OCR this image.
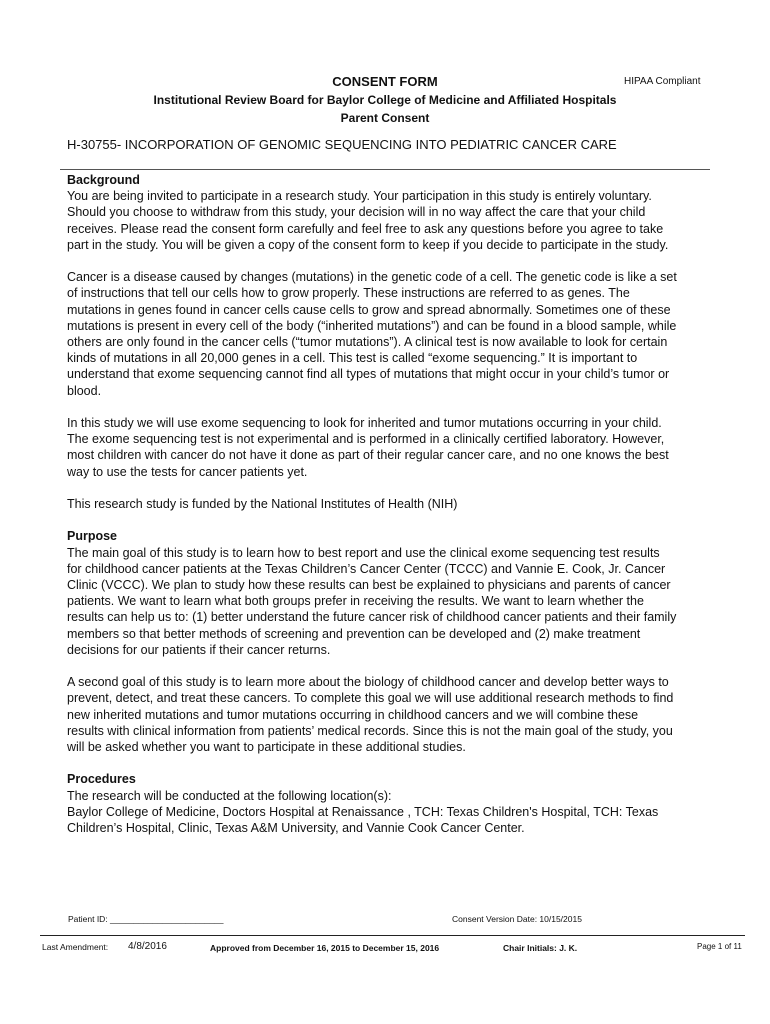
CONSENT FORM	HIPAA Compliant
Institutional Review Board for Baylor College of Medicine and Affiliated Hospitals
Parent Consent
H-30755- INCORPORATION OF GENOMIC SEQUENCING INTO PEDIATRIC CANCER CARE
Background

You are being invited to participate in a research study. Your participation in this study is entirely voluntary. Should you choose to withdraw from this study, your decision will in no way affect the care that your child receives. Please read the consent form carefully and feel free to ask any questions before you agree to take part in the study. You will be given a copy of the consent form to keep if you decide to participate in the study.

Cancer is a disease caused by changes (mutations) in the genetic code of a cell. The genetic code is like a set of instructions that tell our cells how to grow properly. These instructions are referred to as genes. The mutations in genes found in cancer cells cause cells to grow and spread abnormally. Sometimes one of these mutations is present in every cell of the body (“inherited mutations”) and can be found in a blood sample, while others are only found in the cancer cells (“tumor mutations”). A clinical test is now available to look for certain kinds of mutations in all 20,000 genes in a cell. This test is called “exome sequencing.” It is important to understand that exome sequencing cannot find all types of mutations that might occur in your child’s tumor or blood.

In this study we will use exome sequencing to look for inherited and tumor mutations occurring in your child. The exome sequencing test is not experimental and is performed in a clinically certified laboratory. However, most children with cancer do not have it done as part of their regular cancer care, and no one knows the best way to use the tests for cancer patients yet.

This research study is funded by the National Institutes of Health (NIH)

Purpose

The main goal of this study is to learn how to best report and use the clinical exome sequencing test results for childhood cancer patients at the Texas Children’s Cancer Center (TCCC) and Vannie E. Cook, Jr. Cancer Clinic (VCCC). We plan to study how these results can best be explained to physicians and parents of cancer patients. We want to learn what both groups prefer in receiving the results. We want to learn whether the results can help us to: (1) better understand the future cancer risk of childhood cancer patients and their family members so that better methods of screening and prevention can be developed and (2) make treatment decisions for our patients if their cancer returns.

A second goal of this study is to learn more about the biology of childhood cancer and develop better ways to prevent, detect, and treat these cancers. To complete this goal we will use additional research methods to find new inherited mutations and tumor mutations occurring in childhood cancers and we will combine these results with clinical information from patients’ medical records. Since this is not the main goal of the study, you will be asked whether you want to participate in these additional studies.

Procedures

The research will be conducted at the following location(s):

Baylor College of Medicine, Doctors Hospital at Renaissance , TCH: Texas Children's Hospital, TCH: Texas Children’s Hospital, Clinic, Texas A&M University, and Vannie Cook Cancer Center.

Patient ID: ________________________	Consent Version Date: 10/15/2015
Last Amendment: 4/8/2016	Approved from December 16, 2015 to December 15, 2016	Chair Initials: J. K.	Page 1 of 11
